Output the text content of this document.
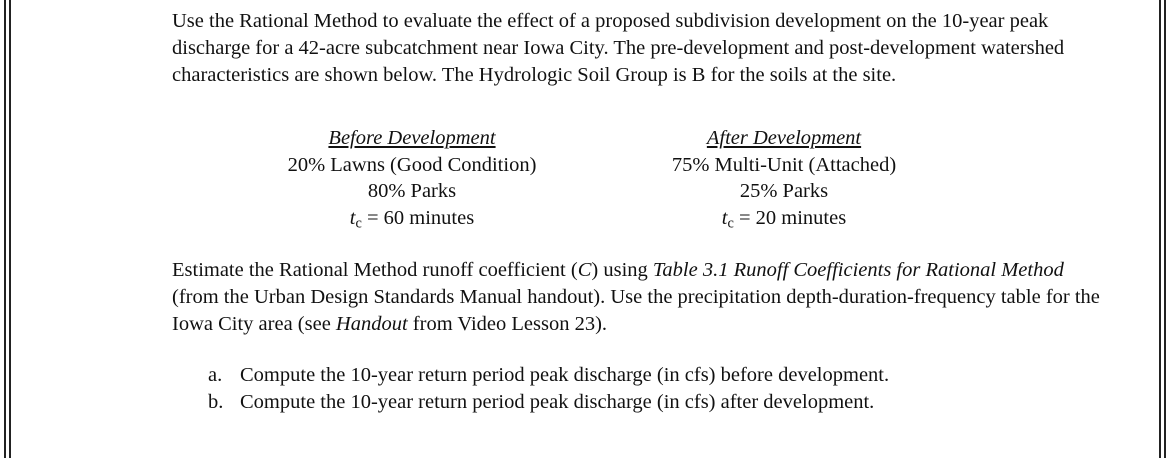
Use the Rational Method to evaluate the effect of a proposed subdivision development on the 10-year peak discharge for a 42-acre subcatchment near Iowa City. The pre-development and post-development watershed characteristics are shown below. The Hydrologic Soil Group is B for the soils at the site.

Before Development
20% Lawns (Good Condition)
80% Parks
$t_c = 60$ minutes
After Development
75% Multi-Unit (Attached)
25% Parks
$t_c = 20$ minutes

Estimate the Rational Method runoff coefficient (C) using Table 3.1 Runoff Coefficients for Rational Method (from the Urban Design Standards Manual handout). Use the precipitation depth-duration-frequency table for the Iowa City area (see Handout from Video Lesson 23).

a. Compute the 10-year return period peak discharge (in cfs) before development.
b. Compute the 10-year return period peak discharge (in cfs) after development.
